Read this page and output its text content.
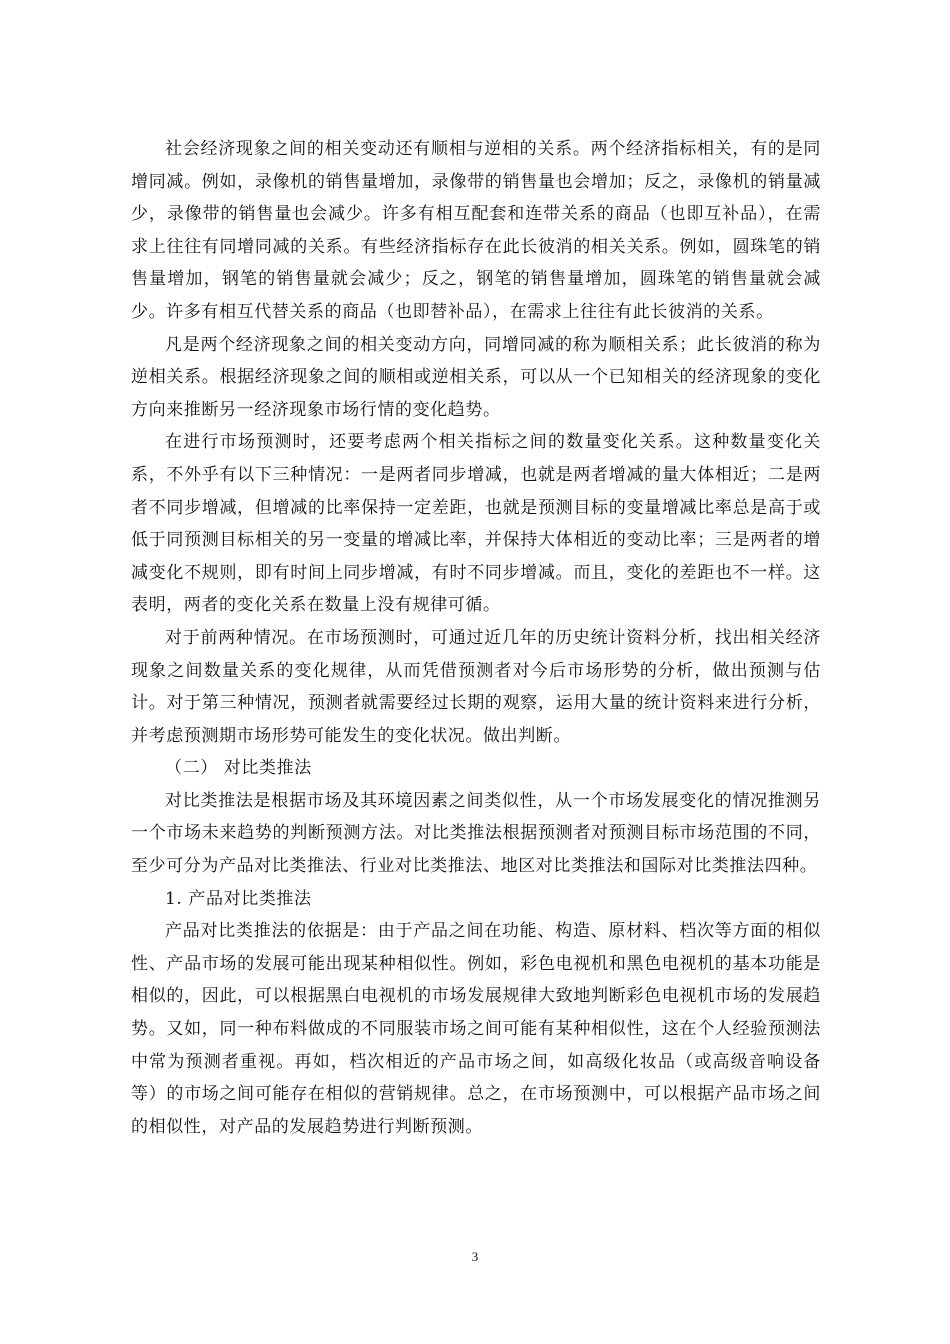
社会经济现象之间的相关变动还有顺相与逆相的关系。两个经济指标相关，有的是同增同减。例如，录像机的销售量增加，录像带的销售量也会增加；反之，录像机的销量减少，录像带的销售量也会减少。许多有相互配套和连带关系的商品（也即互补品），在需求上往往有同增同减的关系。有些经济指标存在此长彼消的相关关系。例如，圆珠笔的销售量增加，钢笔的销售量就会减少；反之，钢笔的销售量增加，圆珠笔的销售量就会减少。许多有相互代替关系的商品（也即替补品），在需求上往往有此长彼消的关系。

凡是两个经济现象之间的相关变动方向，同增同减的称为顺相关系；此长彼消的称为逆相关系。根据经济现象之间的顺相或逆相关系，可以从一个已知相关的经济现象的变化方向来推断另一经济现象市场行情的变化趋势。

在进行市场预测时，还要考虑两个相关指标之间的数量变化关系。这种数量变化关系，不外乎有以下三种情况：一是两者同步增减，也就是两者增减的量大体相近；二是两者不同步增减，但增减的比率保持一定差距，也就是预测目标的变量增减比率总是高于或低于同预测目标相关的另一变量的增减比率，并保持大体相近的变动比率；三是两者的增减变化不规则，即有时间上同步增减，有时不同步增减。而且，变化的差距也不一样。这表明，两者的变化关系在数量上没有规律可循。

对于前两种情况。在市场预测时，可通过近几年的历史统计资料分析，找出相关经济现象之间数量关系的变化规律，从而凭借预测者对今后市场形势的分析，做出预测与估计。对于第三种情况，预测者就需要经过长期的观察，运用大量的统计资料来进行分析，并考虑预测期市场形势可能发生的变化状况。做出判断。

（二） 对比类推法

对比类推法是根据市场及其环境因素之间类似性，从一个市场发展变化的情况推测另一个市场未来趋势的判断预测方法。对比类推法根据预测者对预测目标市场范围的不同，至少可分为产品对比类推法、行业对比类推法、地区对比类推法和国际对比类推法四种。

1. 产品对比类推法

产品对比类推法的依据是：由于产品之间在功能、构造、原材料、档次等方面的相似性、产品市场的发展可能出现某种相似性。例如，彩色电视机和黑色电视机的基本功能是相似的，因此，可以根据黑白电视机的市场发展规律大致地判断彩色电视机市场的发展趋势。又如，同一种布料做成的不同服装市场之间可能有某种相似性，这在个人经验预测法中常为预测者重视。再如，档次相近的产品市场之间，如高级化妆品（或高级音响设备等）的市场之间可能存在相似的营销规律。总之，在市场预测中，可以根据产品市场之间的相似性，对产品的发展趋势进行判断预测。

3
